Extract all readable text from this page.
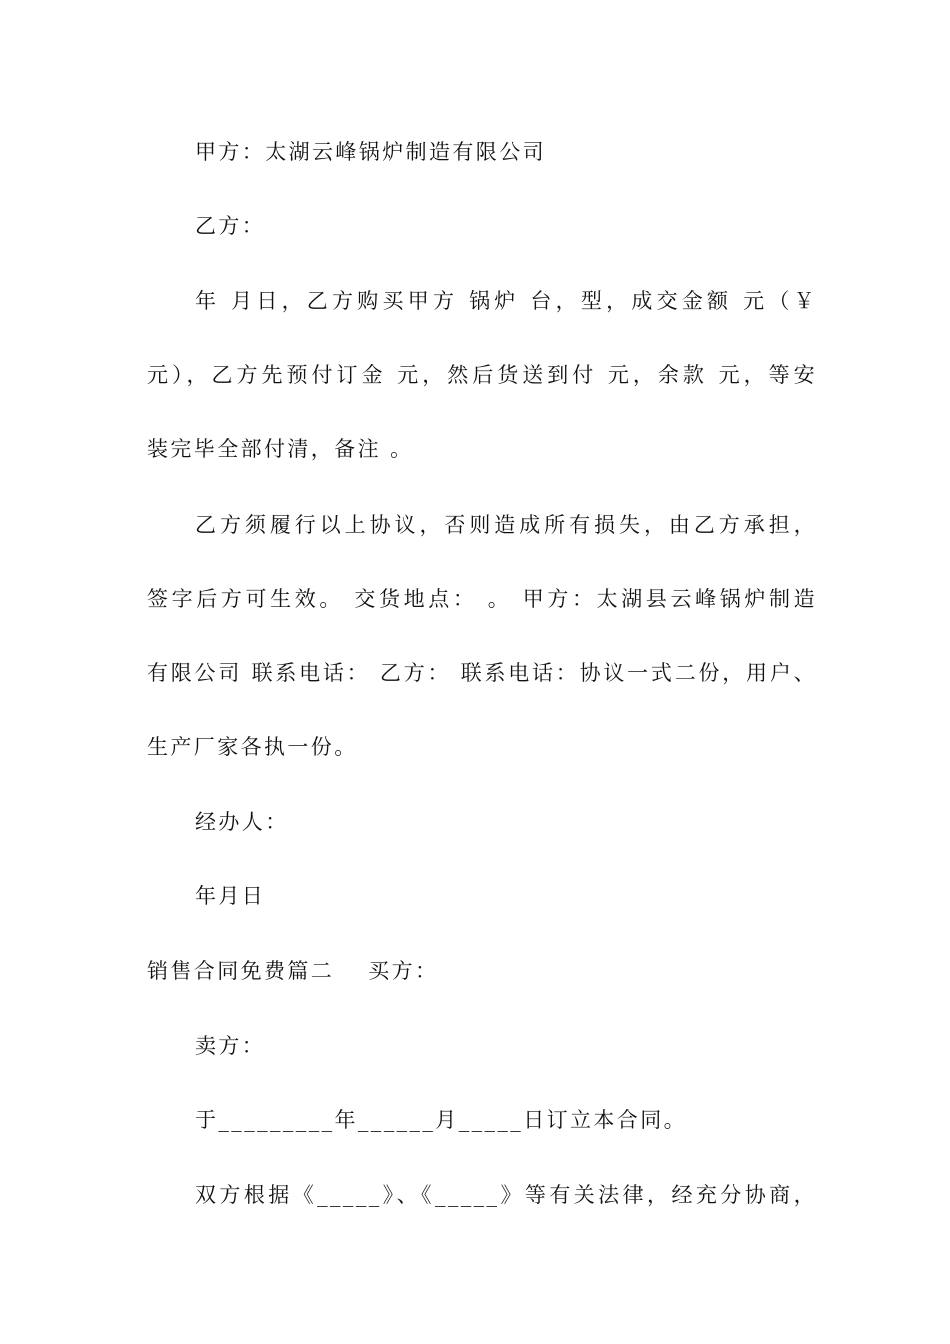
甲方：太湖云峰锅炉制造有限公司
乙方：
年 月日，乙方购买甲方 锅炉 台，型，成交金额 元（￥
元），乙方先预付订金 元，然后货送到付 元，余款 元，等安
装完毕全部付清，备注 。
乙方须履行以上协议，否则造成所有损失，由乙方承担，
签字后方可生效。 交货地点： 。 甲方：太湖县云峰锅炉制造
有限公司 联系电话： 乙方： 联系电话：协议一式二份，用户、
生产厂家各执一份。
经办人：
年月日
销售合同免费篇二 买方：
卖方：
于_________年______月_____日订立本合同。
双方根据《_____》、《_____》等有关法律，经充分协商，
